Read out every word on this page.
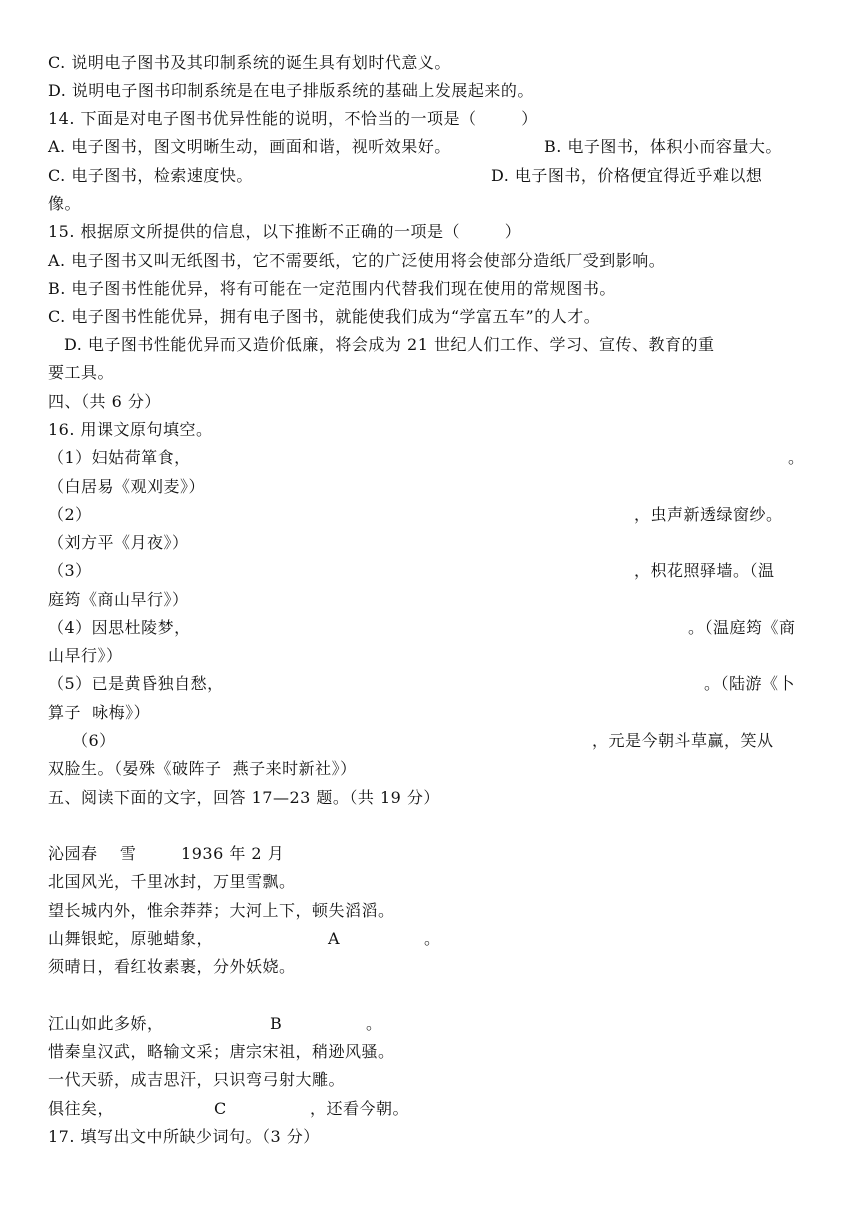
C. 说明电子图书及其印制系统的诞生具有划时代意义。
D. 说明电子图书印制系统是在电子排版系统的基础上发展起来的。
14. 下面是对电子图书优异性能的说明，不恰当的一项是（        ）

A. 电子图书，图文明晰生动，画面和谐，视听效果好。

	B. 电子图书，体积小而容量大。

C. 电子图书，检索速度快。

	D. 电子图书，价格便宜得近乎难以想

像。
15. 根据原文所提供的信息，以下推断不正确的一项是（        ）
A. 电子图书又叫无纸图书，它不需要纸，它的广泛使用将会使部分造纸厂受到影响。
B. 电子图书性能优异，将有可能在一定范围内代替我们现在使用的常规图书。
C. 电子图书性能优异，拥有电子图书，就能使我们成为“学富五车”的人才。
D. 电子图书性能优异而又造价低廉，将会成为 21 世纪人们工作、学习、宣传、教育的重
要工具。
四、（共 6 分）
16. 用课文原句填空。

（1）妇姑荷箪食，

	。

（白居易《观刈麦》）

（2）

	，虫声新透绿窗纱。

（刘方平《月夜》）

（3）

	，枳花照驿墙。（温

庭筠《商山早行》）

（4）因思杜陵梦，

	。（温庭筠《商

山早行》）

（5）已是黄昏独自愁，

	。（陆游《卜

算子  咏梅》）

（6）

	，元是今朝斗草赢，笑从

双脸生。（晏殊《破阵子  燕子来时新社》）
五、阅读下面的文字，回答 17—23 题。（共 19 分）
沁园春    雪        1936 年 2 月
北国风光，千里冰封，万里雪飘。
望长城内外，惟余莽莽；大河上下，顿失滔滔。

山舞银蛇，原驰蜡象，

	A

	。

须晴日，看红妆素裹，分外妖娆。

江山如此多娇，

	B

	。

惜秦皇汉武，略输文采；唐宗宋祖，稍逊风骚。
一代天骄，成吉思汗，只识弯弓射大雕。

俱往矣，

	C

	，还看今朝。

17. 填写出文中所缺少词句。（3 分）
